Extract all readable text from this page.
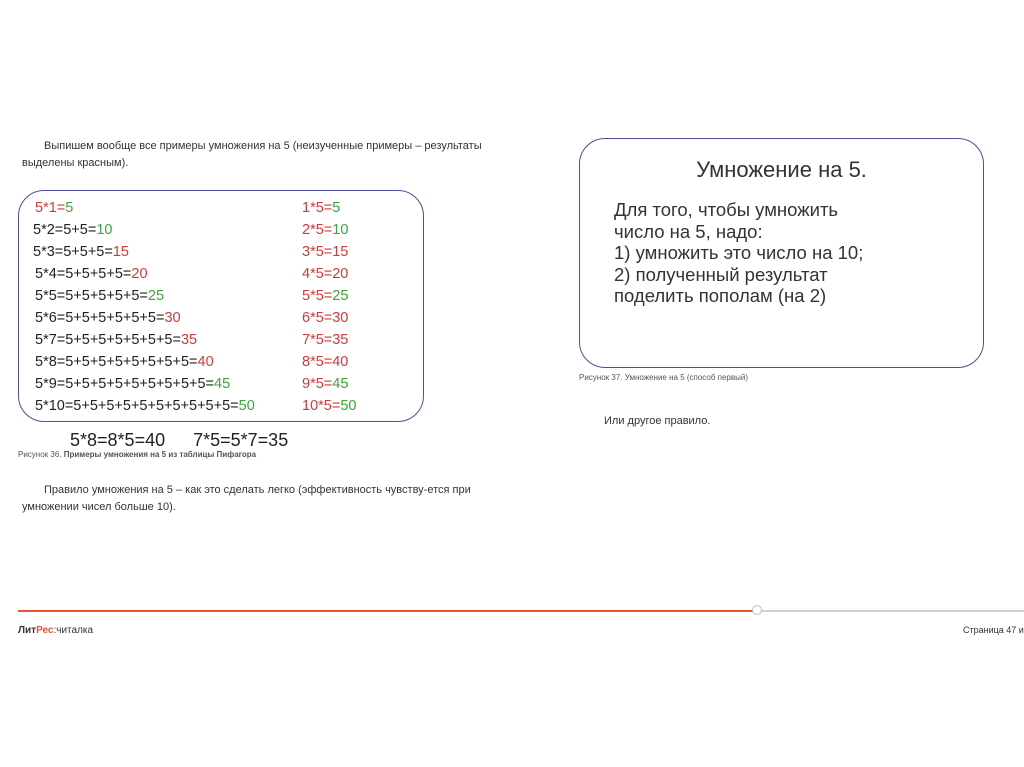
Выпишем вообще все примеры умножения на 5 (неизученные примеры – результаты выделены красным).
5*1=5	1*5=5
5*2=5+5=10	2*5=10
5*3=5+5+5=15	3*5=15
5*4=5+5+5+5=20	4*5=20
5*5=5+5+5+5+5=25	5*5=25
5*6=5+5+5+5+5+5=30	6*5=30
5*7=5+5+5+5+5+5+5=35	7*5=35
5*8=5+5+5+5+5+5+5+5=40	8*5=40
5*9=5+5+5+5+5+5+5+5+5=45	9*5=45
5*10=5+5+5+5+5+5+5+5+5+5=50	10*5=50
5*8=8*5=40 7*5=5*7=35
Рисунок 36. Примеры умножения на 5 из таблицы Пифагора
Правило умножения на 5 – как это сделать легко (эффективность чувству-ется при умножении чисел больше 10).
Умножение на 5.
Для того, чтобы умножить
число на 5, надо:
1) умножить это число на 10;
2) полученный результат
поделить пополам (на 2)
Рисунок 37. Умножение на 5 (способ первый)
Или другое правило.
ЛитРес:читалка	Страница 47 и
